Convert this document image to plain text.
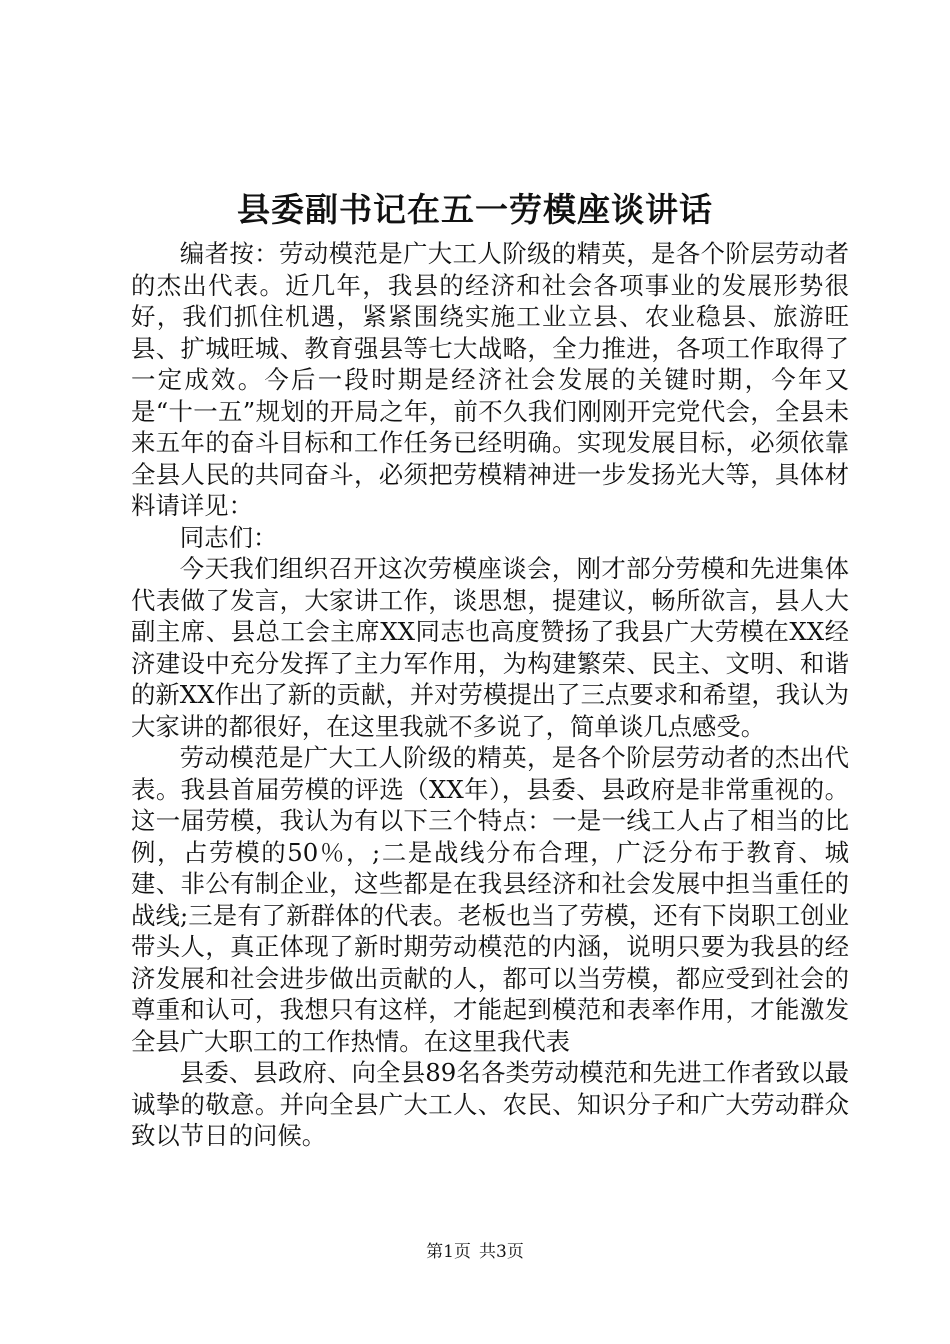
县委副书记在五一劳模座谈讲话

编者按：劳动模范是广大工人阶级的精英，是各个阶层劳动者的杰出代表。近几年，我县的经济和社会各项事业的发展形势很好，我们抓住机遇，紧紧围绕实施工业立县、农业稳县、旅游旺县、扩城旺城、教育强县等七大战略，全力推进，各项工作取得了一定成效。今后一段时期是经济社会发展的关键时期，今年又是“十一五”规划的开局之年，前不久我们刚刚开完党代会，全县未来五年的奋斗目标和工作任务已经明确。实现发展目标，必须依靠全县人民的共同奋斗，必须把劳模精神进一步发扬光大等，具体材料请详见：

同志们：

今天我们组织召开这次劳模座谈会，刚才部分劳模和先进集体代表做了发言，大家讲工作，谈思想，提建议，畅所欲言，县人大副主席、县总工会主席XX同志也高度赞扬了我县广大劳模在XX经济建设中充分发挥了主力军作用，为构建繁荣、民主、文明、和谐的新XX作出了新的贡献，并对劳模提出了三点要求和希望，我认为大家讲的都很好，在这里我就不多说了，简单谈几点感受。

劳动模范是广大工人阶级的精英，是各个阶层劳动者的杰出代表。我县首届劳模的评选（XX年），县委、县政府是非常重视的。这一届劳模，我认为有以下三个特点：一是一线工人占了相当的比例，占劳模的50％，;二是战线分布合理，广泛分布于教育、城建、非公有制企业，这些都是在我县经济和社会发展中担当重任的战线;三是有了新群体的代表。老板也当了劳模，还有下岗职工创业带头人，真正体现了新时期劳动模范的内涵，说明只要为我县的经济发展和社会进步做出贡献的人，都可以当劳模，都应受到社会的尊重和认可，我想只有这样，才能起到模范和表率作用，才能激发全县广大职工的工作热情。在这里我代表

县委、县政府、向全县89名各类劳动模范和先进工作者致以最诚挚的敬意。并向全县广大工人、农民、知识分子和广大劳动群众致以节日的问候。

第1页 共3页
